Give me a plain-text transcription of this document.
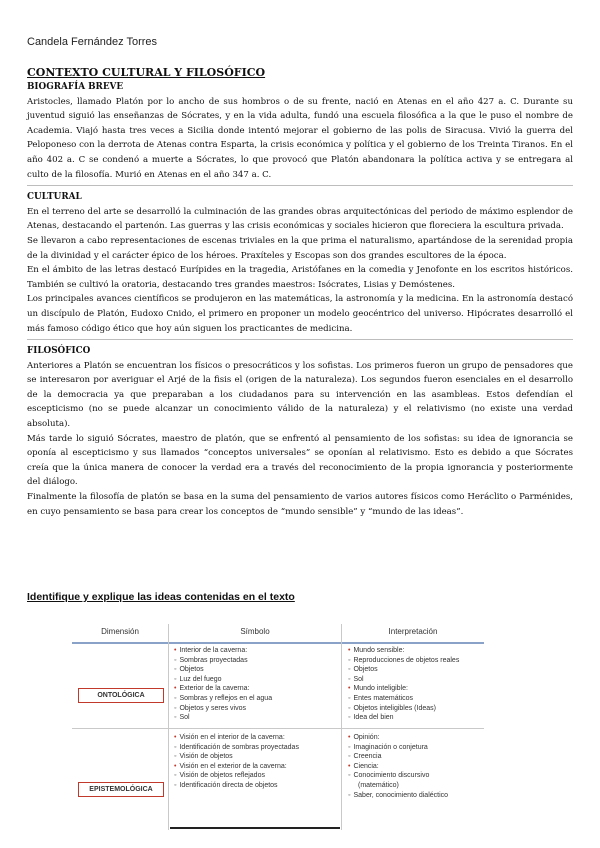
Candela Fernández Torres

CONTEXTO CULTURAL Y FILOSÓFICO

BIOGRAFÍA BREVE

Aristocles, llamado Platón por lo ancho de sus hombros o de su frente, nació en Atenas en el año 427 a. C. Durante su juventud siguió las enseñanzas de Sócrates, y en la vida adulta, fundó una escuela filosófica a la que le puso el nombre de Academia. Viajó hasta tres veces a Sicilia donde intentó mejorar el gobierno de las polis de Siracusa. Vivió la guerra del Peloponeso con la derrota de Atenas contra Esparta, la crisis económica y política y el gobierno de los Treinta Tiranos. En el año 402 a. C se condenó a muerte a Sócrates, lo que provocó que Platón abandonara la política activa y se entregara al culto de la filosofía. Murió en Atenas en el año 347 a. C.

CULTURAL

En el terreno del arte se desarrolló la culminación de las grandes obras arquitectónicas del periodo de máximo esplendor de Atenas, destacando el partenón. Las guerras y las crisis económicas y sociales hicieron que floreciera la escultura privada.

Se llevaron a cabo representaciones de escenas triviales en la que prima el naturalismo, apartándose de la serenidad propia de la divinidad y el carácter épico de los héroes. Praxíteles y Escopas son dos grandes escultores de la época.

En el ámbito de las letras destacó Eurípides en la tragedia, Aristófanes en la comedia y Jenofonte en los escritos históricos. También se cultivó la oratoria, destacando tres grandes maestros: Isócrates, Lisias y Demóstenes.

Los principales avances científicos se produjeron en las matemáticas, la astronomía y la medicina. En la astronomía destacó un discípulo de Platón, Eudoxo Cnido, el primero en proponer un modelo geocéntrico del universo. Hipócrates desarrolló el más famoso código ético que hoy aún siguen los practicantes de medicina.

FILOSÓFICO

Anteriores a Platón se encuentran los físicos o presocráticos y los sofistas. Los primeros fueron un grupo de pensadores que se interesaron por averiguar el Arjé de la fisis el (origen de la naturaleza). Los segundos fueron esenciales en el desarrollo de la democracia ya que preparaban a los ciudadanos para su intervención en las asambleas. Estos defendían el escepticismo (no se puede alcanzar un conocimiento válido de la naturaleza) y el relativismo (no existe una verdad absoluta).

Más tarde lo siguió Sócrates, maestro de platón, que se enfrentó al pensamiento de los sofistas: su idea de ignorancia se oponía al escepticismo y sus llamados “conceptos universales” se oponían al relativismo. Esto es debido a que Sócrates creía que la única manera de conocer la verdad era a través del reconocimiento de la propia ignorancia y posteriormente del diálogo.

Finalmente la filosofía de platón se basa en la suma del pensamiento de varios autores físicos como Heráclito o Parménides, en cuyo pensamiento se basa para crear los conceptos de “mundo sensible” y “mundo de las ideas”.

Identifique y explique las ideas contenidas en el texto
Dimensión	Símbolo	Interpretación
ONTOLÓGICA
• Interior de la caverna:
◦ Sombras proyectadas
◦ Objetos
◦ Luz del fuego
• Exterior de la caverna:
◦ Sombras y reflejos en el agua
◦ Objetos y seres vivos
◦ Sol
• Mundo sensible:
◦ Reproducciones de objetos reales
◦ Objetos
◦ Sol
• Mundo inteligible:
◦ Entes matemáticos
◦ Objetos inteligibles (Ideas)
◦ Idea del bien
EPISTEMOLÓGICA
• Visión en el interior de la caverna:
◦ Identificación de sombras proyectadas
◦ Visión de objetos
• Visión en el exterior de la caverna:
◦ Visión de objetos reflejados
◦ Identificación directa de objetos
• Opinión:
◦ Imaginación o conjetura
◦ Creencia
• Ciencia:
◦ Conocimiento discursivo
(matemático)
◦ Saber, conocimiento dialéctico
